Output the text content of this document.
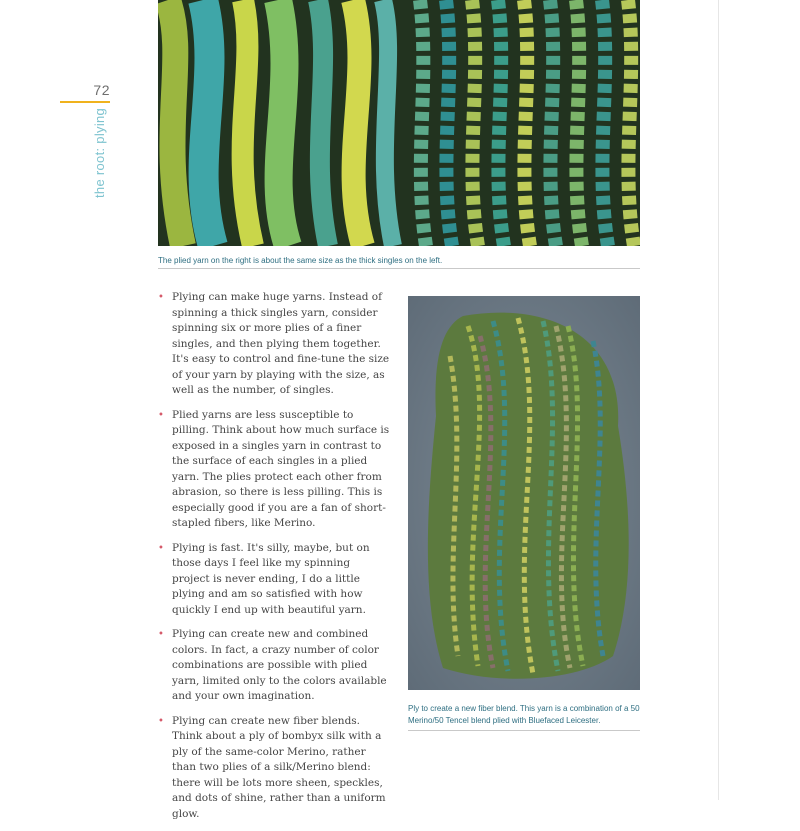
72
the root: plying
The plied yarn on the right is about the same size as the thick singles on the left.
• Plying can make huge yarns. Instead of spinning a thick singles yarn, consider spinning six or more plies of a finer singles, and then plying them together. It's easy to control and fine-tune the size of your yarn by playing with the size, as well as the number, of singles.
• Plied yarns are less susceptible to pilling. Think about how much surface is exposed in a singles yarn in contrast to the surface of each singles in a plied yarn. The plies protect each other from abrasion, so there is less pilling. This is especially good if you are a fan of short-stapled fibers, like Merino.
• Plying is fast. It's silly, maybe, but on those days I feel like my spinning project is never ending, I do a little plying and am so satisfied with how quickly I end up with beautiful yarn.
• Plying can create new and combined colors. In fact, a crazy number of color combinations are possible with plied yarn, limited only to the colors available and your own imagination.
• Plying can create new fiber blends. Think about a ply of bombyx silk with a ply of the same-color Merino, rather than two plies of a silk/Merino blend: there will be lots more sheen, speckles, and dots of shine, rather than a uniform glow.
Ply to create a new fiber blend. This yarn is a combination of a 50 Merino/50 Tencel blend plied with Bluefaced Leicester.
